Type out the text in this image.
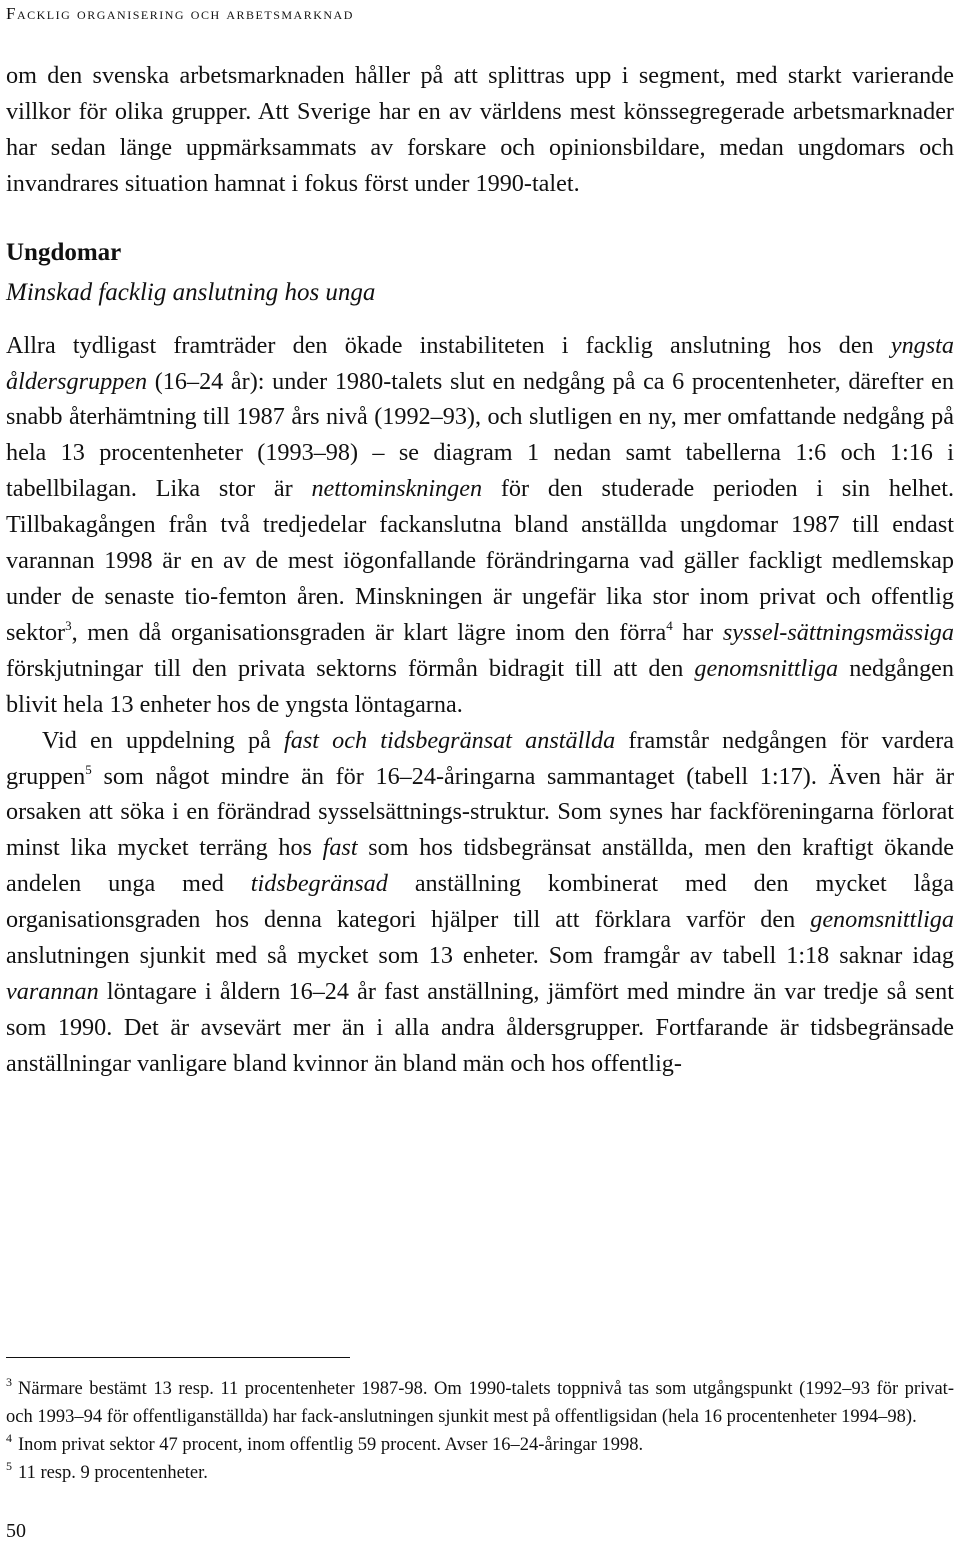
Facklig organisering och arbetsmarknad

om den svenska arbetsmarknaden håller på att splittras upp i segment, med starkt varierande villkor för olika grupper. Att Sverige har en av världens mest könssegregerade arbetsmarknader har sedan länge uppmärksammats av forskare och opinionsbildare, medan ungdomars och invandrares situation hamnat i fokus först under 1990-talet.

Ungdomar
Minskad facklig anslutning hos unga

Allra tydligast framträder den ökade instabiliteten i facklig anslutning hos den yngsta åldersgruppen (16–24 år): under 1980-talets slut en nedgång på ca 6 procentenheter, därefter en snabb återhämtning till 1987 års nivå (1992–93), och slutligen en ny, mer omfattande nedgång på hela 13 procentenheter (1993–98) – se diagram 1 nedan samt tabellerna 1:6 och 1:16 i tabellbilagan. Lika stor är nettominskningen för den studerade perioden i sin helhet. Tillbakagången från två tredjedelar fackanslutna bland anställda ungdomar 1987 till endast varannan 1998 är en av de mest iögonfallande förändringarna vad gäller fackligt medlemskap under de senaste tio-femton åren. Minskningen är ungefär lika stor inom privat och offentlig sektor$^3$, men då organisationsgraden är klart lägre inom den förra$^4$ har syssel-sättningsmässiga förskjutningar till den privata sektorns förmån bidragit till att den genomsnittliga nedgången blivit hela 13 enheter hos de yngsta löntagarna.

Vid en uppdelning på fast och tidsbegränsat anställda framstår nedgången för vardera gruppen$^5$ som något mindre än för 16–24-åringarna sammantaget (tabell 1:17). Även här är orsaken att söka i en förändrad sysselsättnings-struktur. Som synes har fackföreningarna förlorat minst lika mycket terräng hos fast som hos tidsbegränsat anställda, men den kraftigt ökande andelen unga med tidsbegränsad anställning kombinerat med den mycket låga organisationsgraden hos denna kategori hjälper till att förklara varför den genomsnittliga anslutningen sjunkit med så mycket som 13 enheter. Som framgår av tabell 1:18 saknar idag varannan löntagare i åldern 16–24 år fast anställning, jämfört med mindre än var tredje så sent som 1990. Det är avsevärt mer än i alla andra åldersgrupper. Fortfarande är tidsbegränsade anställningar vanligare bland kvinnor än bland män och hos offentlig-

$^3$ Närmare bestämt 13 resp. 11 procentenheter 1987-98. Om 1990-talets toppnivå tas som utgångspunkt (1992–93 för privat- och 1993–94 för offentliganställda) har fack-anslutningen sjunkit mest på offentligsidan (hela 16 procentenheter 1994–98).

$^4$ Inom privat sektor 47 procent, inom offentlig 59 procent. Avser 16–24-åringar 1998.

$^5$ 11 resp. 9 procentenheter.

50
